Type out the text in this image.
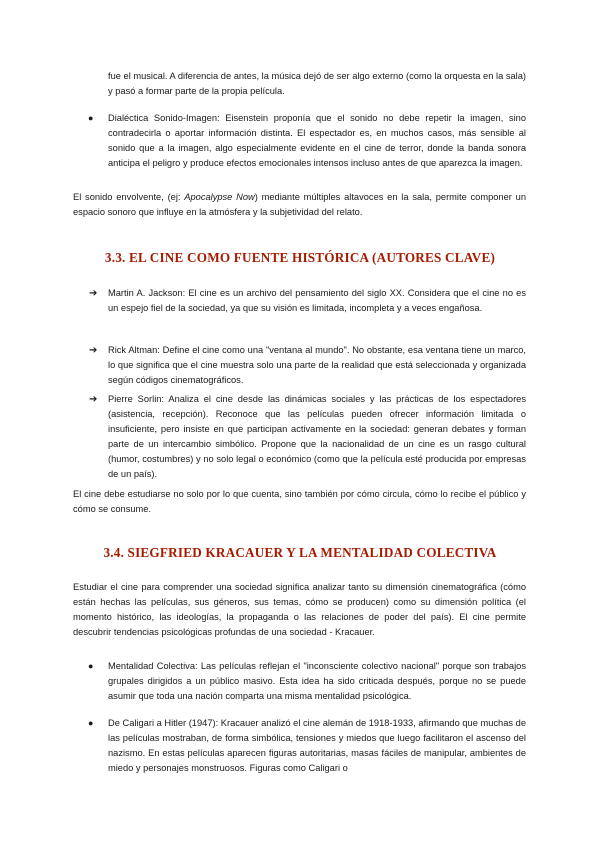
fue el musical. A diferencia de antes, la música dejó de ser algo externo (como la orquesta en la sala) y pasó a formar parte de la propia película.

● Dialéctica Sonido-Imagen: Eisenstein proponía que el sonido no debe repetir la imagen, sino contradecirla o aportar información distinta. El espectador es, en muchos casos, más sensible al sonido que a la imagen, algo especialmente evidente en el cine de terror, donde la banda sonora anticipa el peligro y produce efectos emocionales intensos incluso antes de que aparezca la imagen.

El sonido envolvente, (ej: Apocalypse Now) mediante múltiples altavoces en la sala, permite componer un espacio sonoro que influye en la atmósfera y la subjetividad del relato.

3.3. EL CINE COMO FUENTE HISTÓRICA (AUTORES CLAVE)
➔ Martin A. Jackson: El cine es un archivo del pensamiento del siglo XX. Considera que el cine no es un espejo fiel de la sociedad, ya que su visión es limitada, incompleta y a veces engañosa.

➔ Rick Altman: Define el cine como una "ventana al mundo". No obstante, esa ventana tiene un marco, lo que significa que el cine muestra solo una parte de la realidad que está seleccionada y organizada según códigos cinematográficos.

➔ Pierre Sorlin: Analiza el cine desde las dinámicas sociales y las prácticas de los espectadores (asistencia, recepción). Reconoce que las películas pueden ofrecer información limitada o insuficiente, pero insiste en que participan activamente en la sociedad: generan debates y forman parte de un intercambio simbólico. Propone que la nacionalidad de un cine es un rasgo cultural (humor, costumbres) y no solo legal o económico (como que la película esté producida por empresas de un país).

El cine debe estudiarse no solo por lo que cuenta, sino también por cómo circula, cómo lo recibe el público y cómo se consume.

3.4. SIEGFRIED KRACAUER Y LA MENTALIDAD COLECTIVA

Estudiar el cine para comprender una sociedad significa analizar tanto su dimensión cinematográfica (cómo están hechas las películas, sus géneros, sus temas, cómo se producen) como su dimensión política (el momento histórico, las ideologías, la propaganda o las relaciones de poder del país). El cine permite descubrir tendencias psicológicas profundas de una sociedad - Kracauer.

● Mentalidad Colectiva: Las películas reflejan el "inconsciente colectivo nacional" porque son trabajos grupales dirigidos a un público masivo. Esta idea ha sido criticada después, porque no se puede asumir que toda una nación comparta una misma mentalidad psicológica.

● De Caligari a Hitler (1947): Kracauer analizó el cine alemán de 1918-1933, afirmando que muchas de las películas mostraban, de forma simbólica, tensiones y miedos que luego facilitaron el ascenso del nazismo. En estas películas aparecen figuras autoritarias, masas fáciles de manipular, ambientes de miedo y personajes monstruosos. Figuras como Caligari o
